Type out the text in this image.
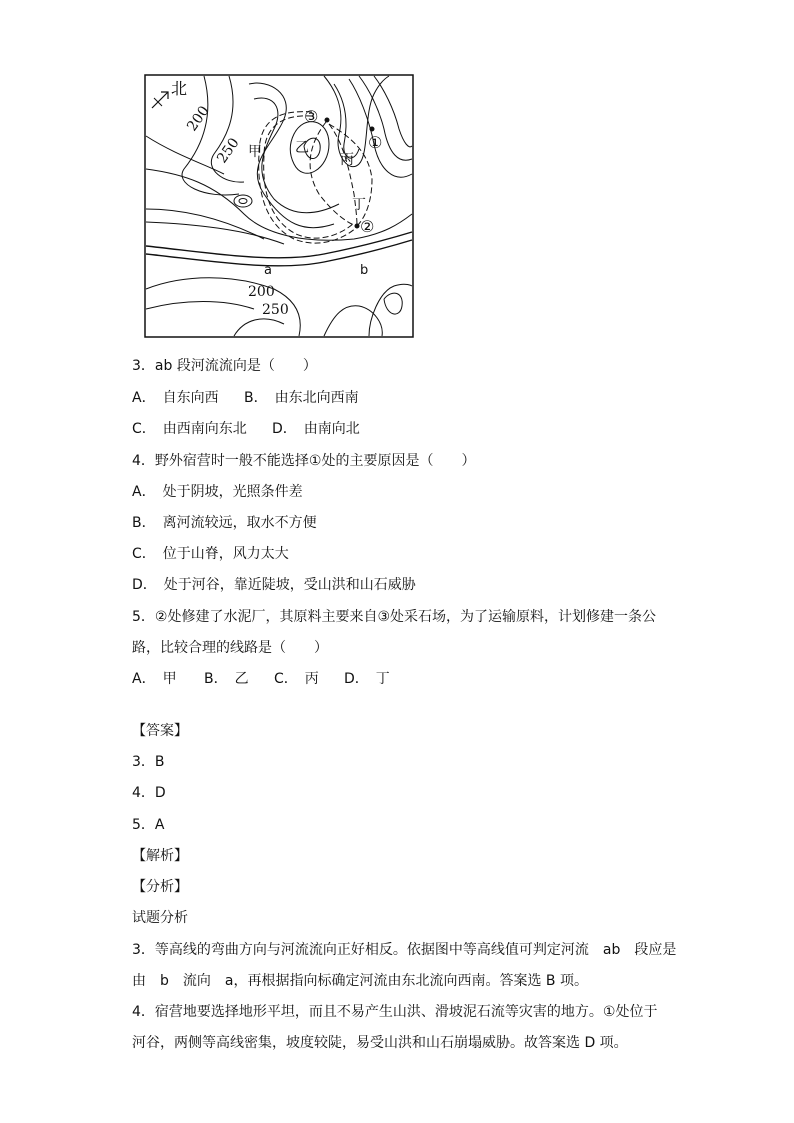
北
200
250
200
250
甲 乙
丙
丁
③
①
②
a	b
3．ab 段河流流向是（　　）
A．　自东向西 B．　由东北向西南
C．　由西南向东北 D．　由南向北
4．野外宿营时一般不能选择①处的主要原因是（　　）
A．　处于阴坡，光照条件差
B．　离河流较远，取水不方便
C．　位于山脊，风力太大
D．　处于河谷，靠近陡坡，受山洪和山石威胁
5．②处修建了水泥厂，其原料主要来自③处采石场，为了运输原料，计划修建一条公
路，比较合理的线路是（　　）
A．　甲 B．　乙 C．　丙 D．　丁
【答案】
3．B
4．D
5．A
【解析】
【分析】
试题分析
3．等高线的弯曲方向与河流流向正好相反。依据图中等高线值可判定河流　ab　段应是
由　b　流向　a，再根据指向标确定河流由东北流向西南。答案选 B 项。
4．宿营地要选择地形平坦，而且不易产生山洪、滑坡泥石流等灾害的地方。①处位于
河谷，两侧等高线密集，坡度较陡，易受山洪和山石崩塌威胁。故答案选 D 项。
